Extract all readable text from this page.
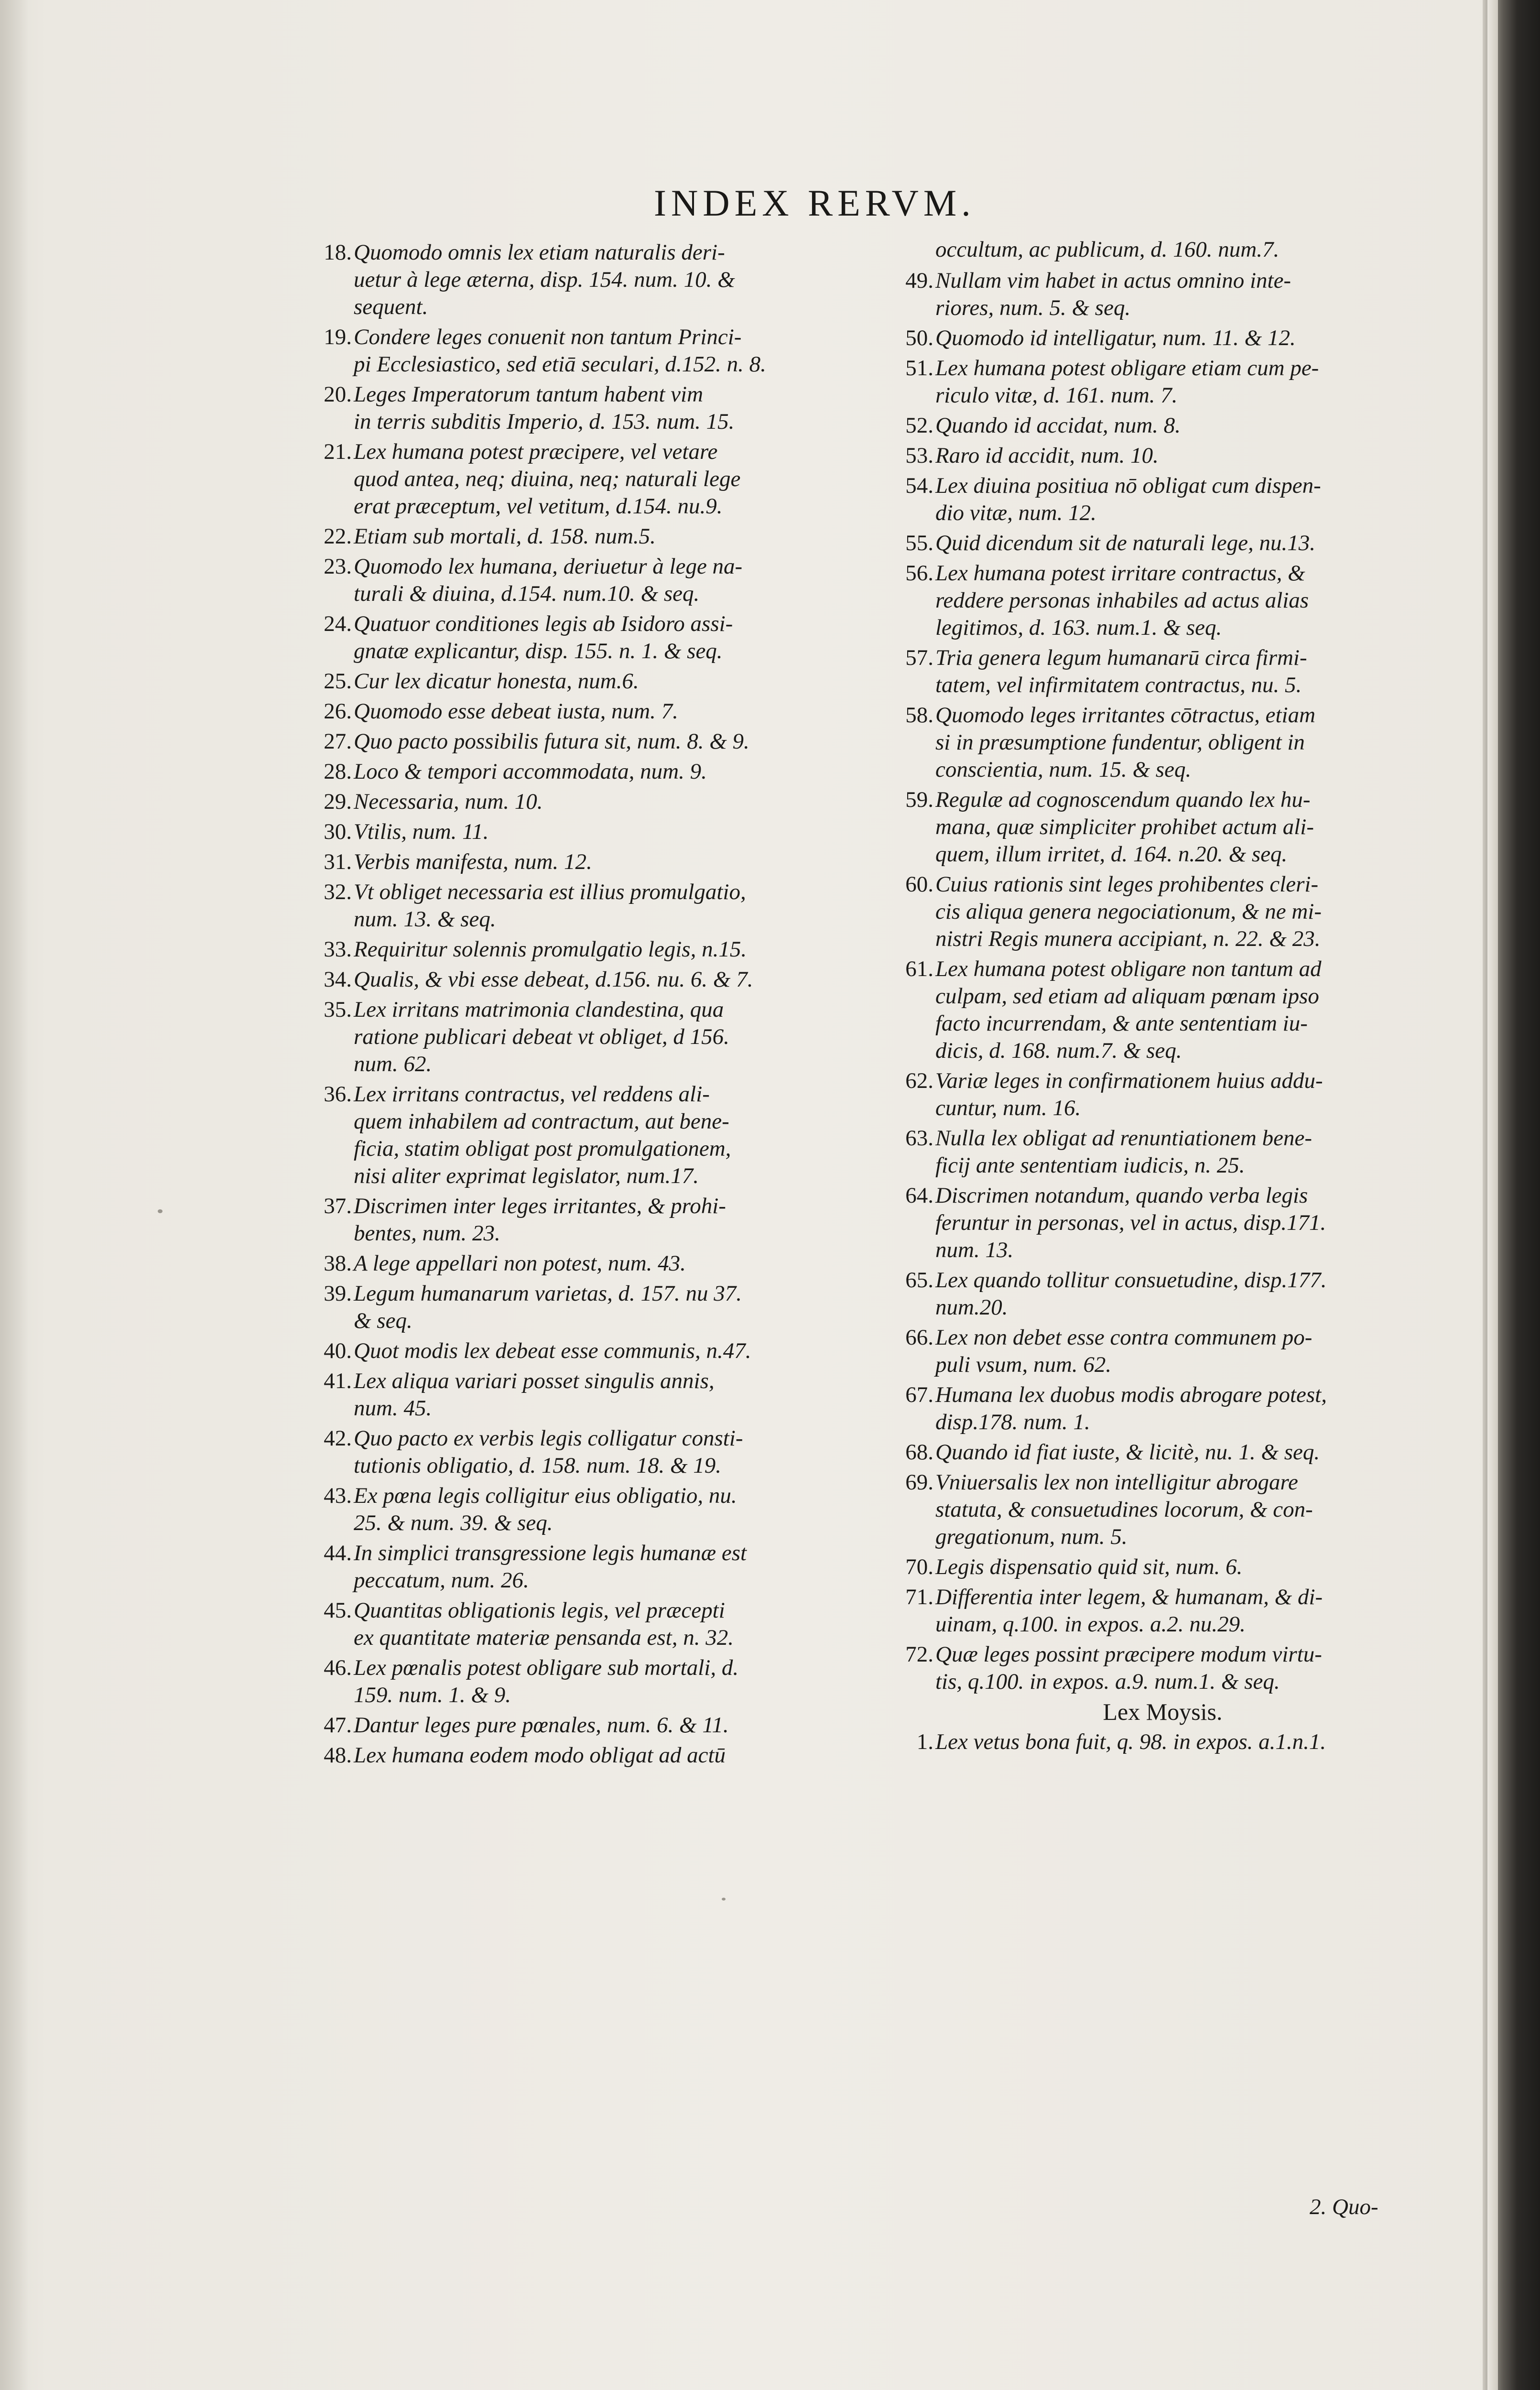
INDEX RERVM.
18. Quomodo omnis lex etiam naturalis deri-
uetur à lege æterna, disp. 154. num. 10. &
sequent.
19. Condere leges conuenit non tantum Princi-
pi Ecclesiastico, sed etiā seculari, d.152. n. 8.
20. Leges Imperatorum tantum habent vim
in terris subditis Imperio, d. 153. num. 15.
21. Lex humana potest præcipere, vel vetare
quod antea, neq; diuina, neq; naturali lege
erat præceptum, vel vetitum, d.154. nu.9.
22. Etiam sub mortali, d. 158. num.5.
23. Quomodo lex humana, deriuetur à lege na-
turali & diuina, d.154. num.10. & seq.
24. Quatuor conditiones legis ab Isidoro assi-
gnatæ explicantur, disp. 155. n. 1. & seq.
25. Cur lex dicatur honesta, num.6.
26. Quomodo esse debeat iusta, num. 7.
27. Quo pacto possibilis futura sit, num. 8. & 9.
28. Loco & tempori accommodata, num. 9.
29. Necessaria, num. 10.
30. Vtilis, num. 11.
31. Verbis manifesta, num. 12.
32. Vt obliget necessaria est illius promulgatio,
num. 13. & seq.
33. Requiritur solennis promulgatio legis, n.15.
34. Qualis, & vbi esse debeat, d.156. nu. 6. & 7.
35. Lex irritans matrimonia clandestina, qua
ratione publicari debeat vt obliget, d 156.
num. 62.
36. Lex irritans contractus, vel reddens ali-
quem inhabilem ad contractum, aut bene-
ficia, statim obligat post promulgationem,
nisi aliter exprimat legislator, num.17.
37. Discrimen inter leges irritantes, & prohi-
bentes, num. 23.
38. A lege appellari non potest, num. 43.
39. Legum humanarum varietas, d. 157. nu 37.
& seq.
40. Quot modis lex debeat esse communis, n.47.
41. Lex aliqua variari posset singulis annis,
num. 45.
42. Quo pacto ex verbis legis colligatur consti-
tutionis obligatio, d. 158. num. 18. & 19.
43. Ex pœna legis colligitur eius obligatio, nu.
25. & num. 39. & seq.
44. In simplici transgressione legis humanæ est
peccatum, num. 26.
45. Quantitas obligationis legis, vel præcepti
ex quantitate materiæ pensanda est, n. 32.
46. Lex pœnalis potest obligare sub mortali, d.
159. num. 1. & 9.
47. Dantur leges pure pœnales, num. 6. & 11.
48. Lex humana eodem modo obligat ad actū
occultum, ac publicum, d. 160. num.7.
49. Nullam vim habet in actus omnino inte-
riores, num. 5. & seq.
50. Quomodo id intelligatur, num. 11. & 12.
51. Lex humana potest obligare etiam cum pe-
riculo vitæ, d. 161. num. 7.
52. Quando id accidat, num. 8.
53. Raro id accidit, num. 10.
54. Lex diuina positiua nō obligat cum dispen-
dio vitæ, num. 12.
55. Quid dicendum sit de naturali lege, nu.13.
56. Lex humana potest irritare contractus, &
reddere personas inhabiles ad actus alias
legitimos, d. 163. num.1. & seq.
57. Tria genera legum humanarū circa firmi-
tatem, vel infirmitatem contractus, nu. 5.
58. Quomodo leges irritantes cōtractus, etiam
si in præsumptione fundentur, obligent in
conscientia, num. 15. & seq.
59. Regulæ ad cognoscendum quando lex hu-
mana, quæ simpliciter prohibet actum ali-
quem, illum irritet, d. 164. n.20. & seq.
60. Cuius rationis sint leges prohibentes cleri-
cis aliqua genera negociationum, & ne mi-
nistri Regis munera accipiant, n. 22. & 23.
61. Lex humana potest obligare non tantum ad
culpam, sed etiam ad aliquam pœnam ipso
facto incurrendam, & ante sententiam iu-
dicis, d. 168. num.7. & seq.
62. Variæ leges in confirmationem huius addu-
cuntur, num. 16.
63. Nulla lex obligat ad renuntiationem bene-
ficij ante sententiam iudicis, n. 25.
64. Discrimen notandum, quando verba legis
feruntur in personas, vel in actus, disp.171.
num. 13.
65. Lex quando tollitur consuetudine, disp.177.
num.20.
66. Lex non debet esse contra communem po-
puli vsum, num. 62.
67. Humana lex duobus modis abrogare potest,
disp.178. num. 1.
68. Quando id fiat iuste, & licitè, nu. 1. & seq.
69. Vniuersalis lex non intelligitur abrogare
statuta, & consuetudines locorum, & con-
gregationum, num. 5.
70. Legis dispensatio quid sit, num. 6.
71. Differentia inter legem, & humanam, & di-
uinam, q.100. in expos. a.2. nu.29.
72. Quæ leges possint præcipere modum virtu-
tis, q.100. in expos. a.9. num.1. & seq.
Lex Moysis.
1. Lex vetus bona fuit, q. 98. in expos. a.1.n.1.
2. Quo-
